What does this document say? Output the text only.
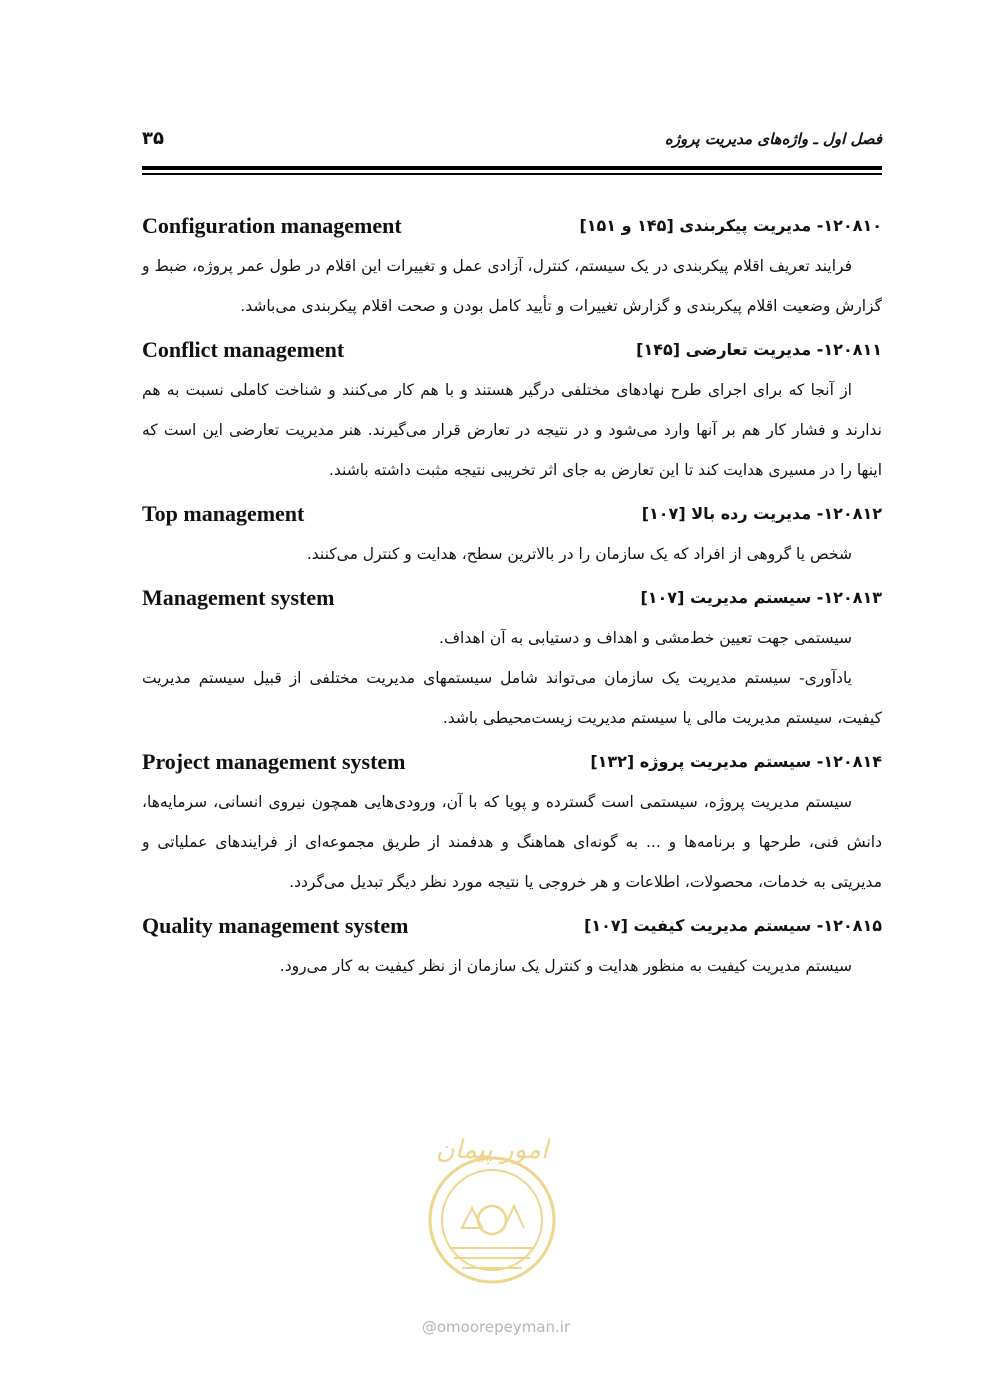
فصل اول ـ واژه‌های مدیریت پروژه
۳۵
۱۲۰۸۱۰- مدیریت پیکربندی [۱۴۵ و ۱۵۱]
Configuration management

فرایند تعریف اقلام پیکربندی در یک سیستم، کنترل، آزادی عمل و تغییرات این اقلام در طول عمر پروژه، ضبط و گزارش وضعیت اقلام پیکربندی و گزارش تغییرات و تأیید کامل بودن و صحت اقلام پیکربندی می‌باشد.

۱۲۰۸۱۱- مدیریت تعارضی [۱۴۵]
Conflict management

از آنجا که برای اجرای طرح نهادهای مختلفی درگیر هستند و با هم کار می‌کنند و شناخت کاملی نسبت به هم ندارند و فشار کار هم بر آنها وارد می‌شود و در نتیجه در تعارض قرار می‌گیرند. هنر مدیریت تعارضی این است که اینها را در مسیری هدایت کند تا این تعارض به جای اثر تخریبی نتیجه مثبت داشته باشند.

۱۲۰۸۱۲- مدیریت رده بالا [۱۰۷]
Top management

شخص یا گروهی از افراد که یک سازمان را در بالاترین سطح، هدایت و کنترل می‌کنند.

۱۲۰۸۱۳- سیستم مدیریت [۱۰۷]
Management system

سیستمی جهت تعیین خط‌مشی و اهداف و دستیابی به آن اهداف.

یادآوری- سیستم مدیریت یک سازمان می‌تواند شامل سیستمهای مدیریت مختلفی از قبیل سیستم مدیریت کیفیت، سیستم مدیریت مالی یا سیستم مدیریت زیست‌محیطی باشد.

۱۲۰۸۱۴- سیستم مدیریت پروژه [۱۳۲]
Project management system

سیستم مدیریت پروژه، سیستمی است گسترده و پویا که با آن، ورودی‌هایی همچون نیروی انسانی، سرمایه‌ها، دانش فنی، طرحها و برنامه‌ها و ... به گونه‌ای هماهنگ و هدفمند از طریق مجموعه‌ای از فرایندهای عملیاتی و مدیریتی به خدمات، محصولات، اطلاعات و هر خروجی یا نتیجه مورد نظر دیگر تبدیل می‌گردد.

۱۲۰۸۱۵- سیستم مدیریت کیفیت [۱۰۷]
Quality management system

سیستم مدیریت کیفیت به منظور هدایت و کنترل یک سازمان از نظر کیفیت به کار می‌رود.

امور پیمان
@omoorepeyman.ir
